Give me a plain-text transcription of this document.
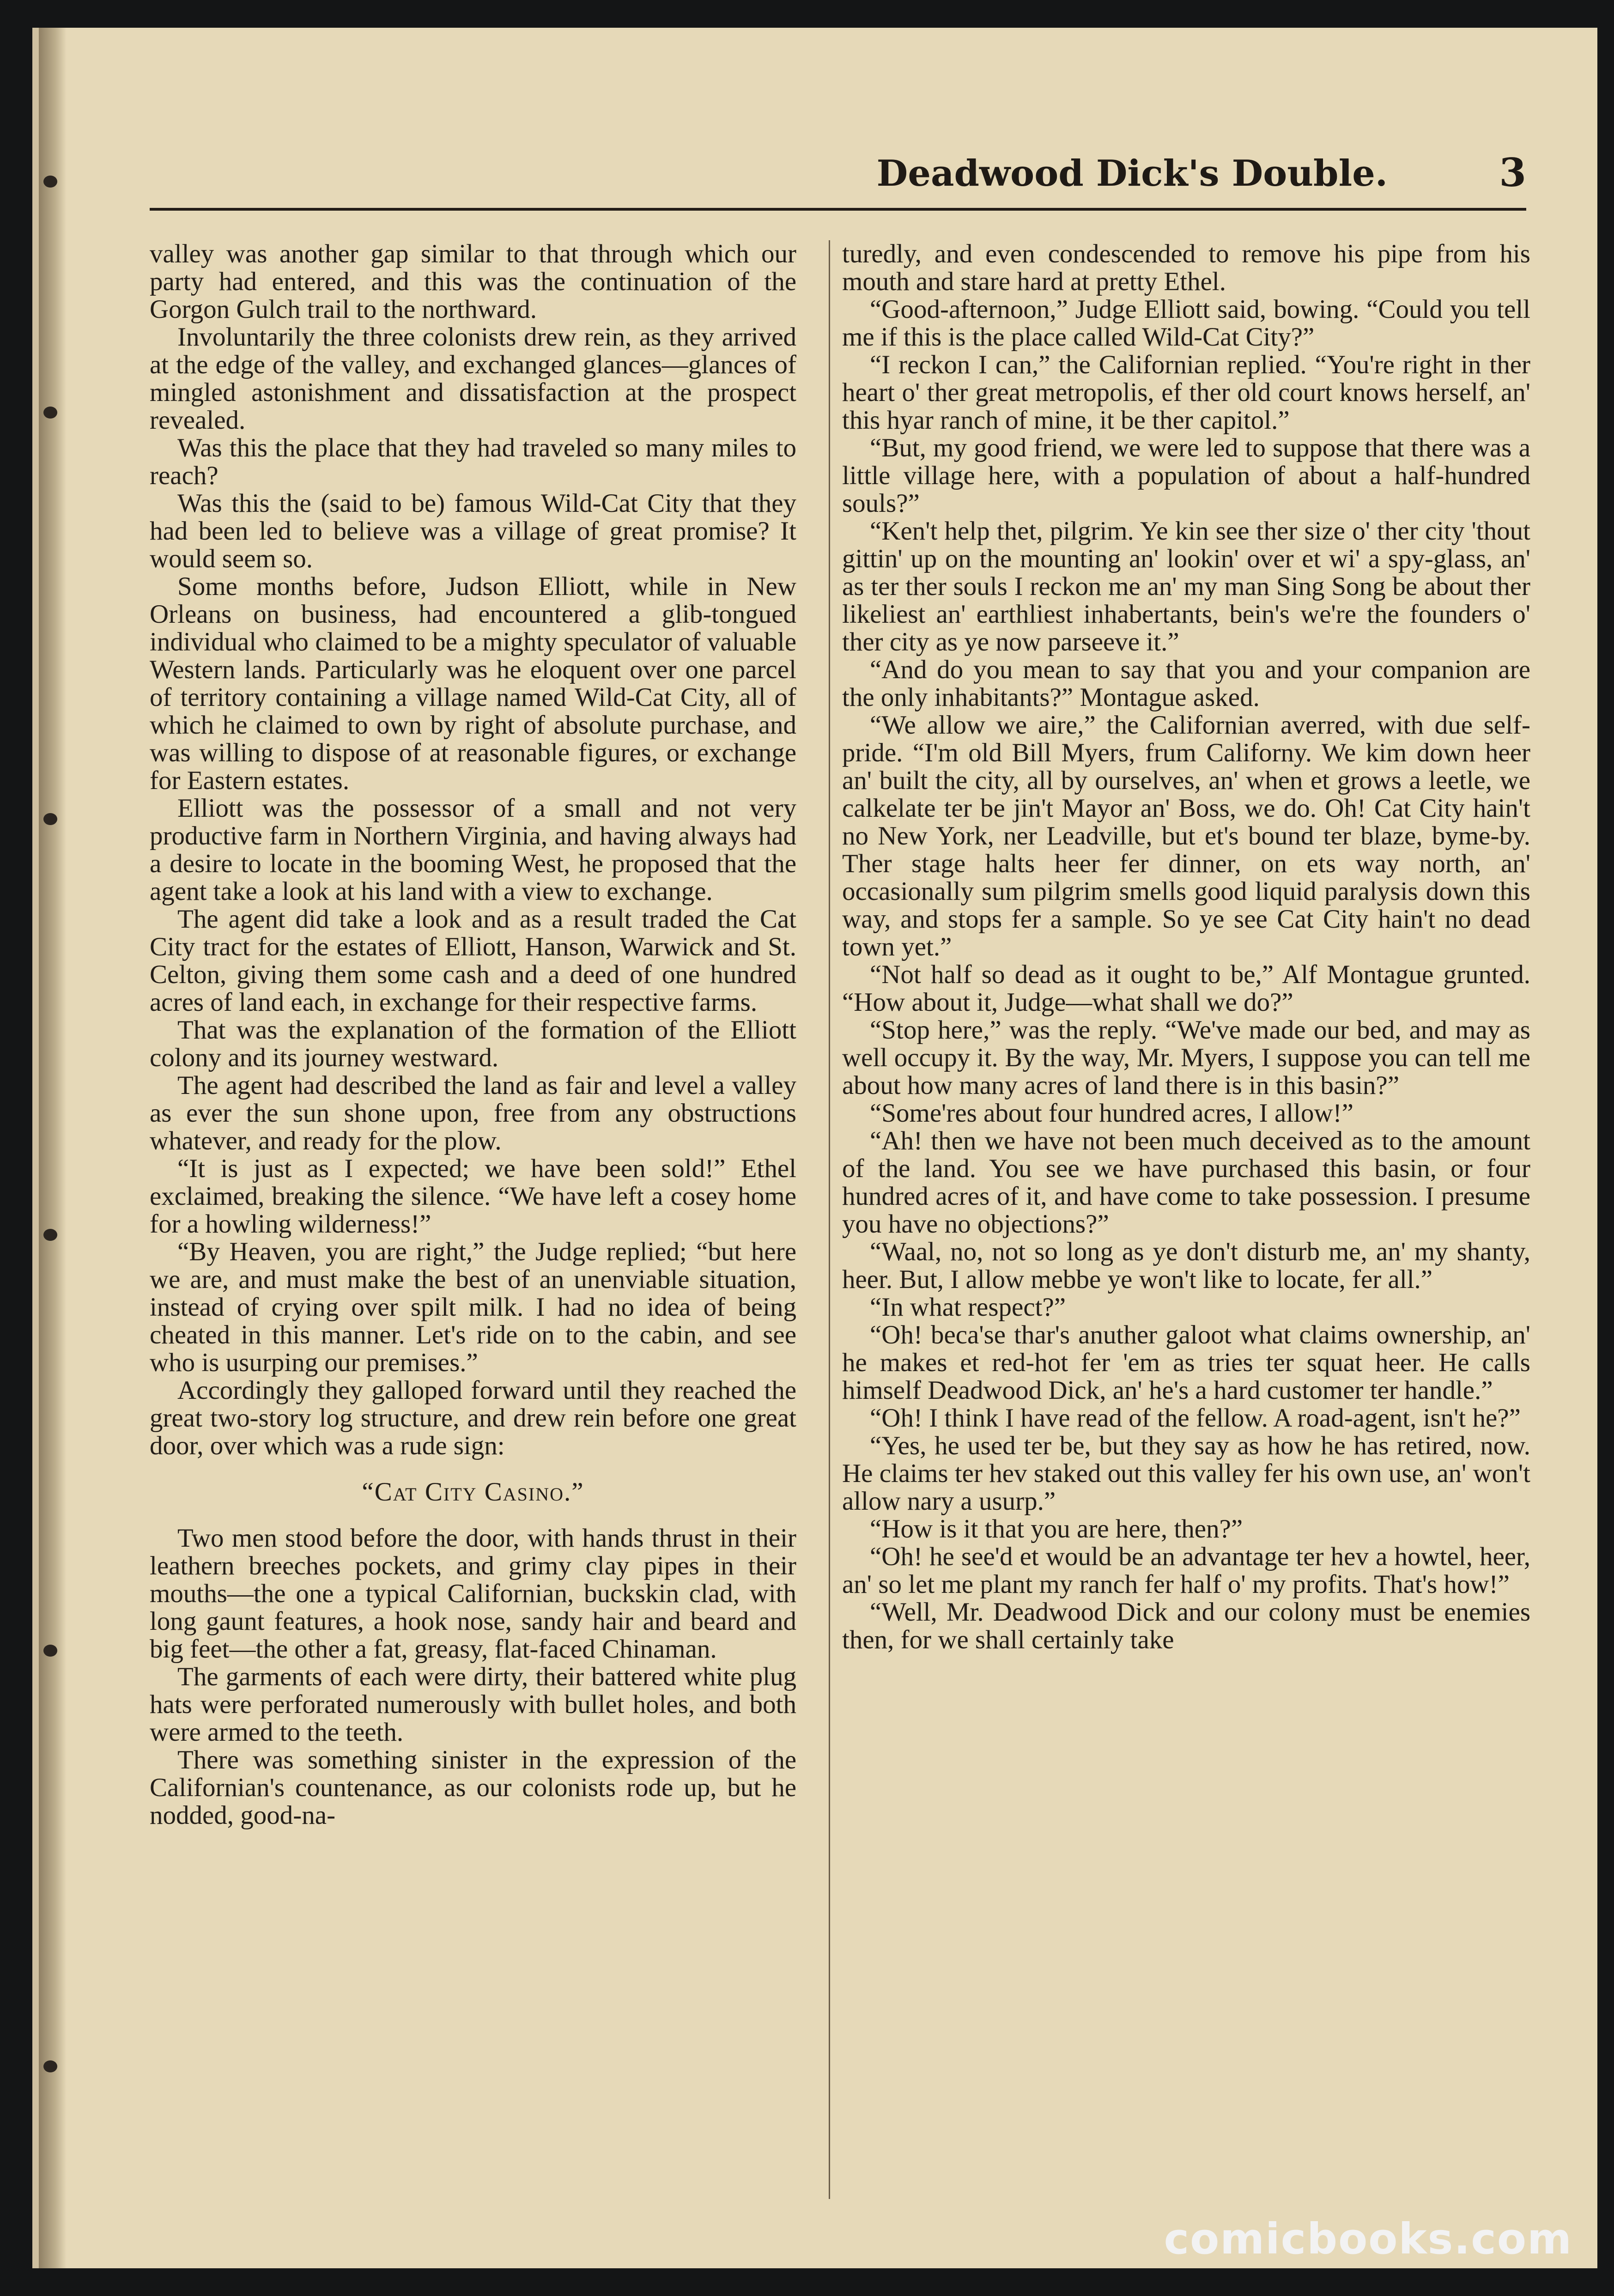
Deadwood Dick's Double.	3

valley was another gap similar to that through which our party had entered, and this was the continuation of the Gorgon Gulch trail to the northward.

Involuntarily the three colonists drew rein, as they arrived at the edge of the valley, and exchanged glances—glances of mingled astonishment and dissatisfaction at the prospect revealed.

Was this the place that they had traveled so many miles to reach?

Was this the (said to be) famous Wild-Cat City that they had been led to believe was a village of great promise? It would seem so.

Some months before, Judson Elliott, while in New Orleans on business, had encountered a glib-tongued individual who claimed to be a mighty speculator of valuable Western lands. Particularly was he eloquent over one parcel of territory containing a village named Wild-Cat City, all of which he claimed to own by right of absolute purchase, and was willing to dispose of at reasonable figures, or exchange for Eastern estates.

Elliott was the possessor of a small and not very productive farm in Northern Virginia, and having always had a desire to locate in the booming West, he proposed that the agent take a look at his land with a view to exchange.

The agent did take a look and as a result traded the Cat City tract for the estates of Elliott, Hanson, Warwick and St. Celton, giving them some cash and a deed of one hundred acres of land each, in exchange for their respective farms.

That was the explanation of the formation of the Elliott colony and its journey westward.

The agent had described the land as fair and level a valley as ever the sun shone upon, free from any obstructions whatever, and ready for the plow.

“It is just as I expected; we have been sold!” Ethel exclaimed, breaking the silence. “We have left a cosey home for a howling wilderness!”

“By Heaven, you are right,” the Judge replied; “but here we are, and must make the best of an unenviable situation, instead of crying over spilt milk. I had no idea of being cheated in this manner. Let's ride on to the cabin, and see who is usurping our premises.”

Accordingly they galloped forward until they reached the great two-story log structure, and drew rein before one great door, over which was a rude sign:

“Cat City Casino.”

Two men stood before the door, with hands thrust in their leathern breeches pockets, and grimy clay pipes in their mouths—the one a typical Californian, buckskin clad, with long gaunt features, a hook nose, sandy hair and beard and big feet—the other a fat, greasy, flat-faced Chinaman.

The garments of each were dirty, their battered white plug hats were perforated numerously with bullet holes, and both were armed to the teeth.

There was something sinister in the expression of the Californian's countenance, as our colonists rode up, but he nodded, good-na-

turedly, and even condescended to remove his pipe from his mouth and stare hard at pretty Ethel.

“Good-afternoon,” Judge Elliott said, bowing. “Could you tell me if this is the place called Wild-Cat City?”

“I reckon I can,” the Californian replied. “You're right in ther heart o' ther great metropolis, ef ther old court knows herself, an' this hyar ranch of mine, it be ther capitol.”

“But, my good friend, we were led to suppose that there was a little village here, with a population of about a half-hundred souls?”

“Ken't help thet, pilgrim. Ye kin see ther size o' ther city 'thout gittin' up on the mounting an' lookin' over et wi' a spy-glass, an' as ter ther souls I reckon me an' my man Sing Song be about ther likeliest an' earthliest inhabertants, bein's we're the founders o' ther city as ye now parseeve it.”

“And do you mean to say that you and your companion are the only inhabitants?” Montague asked.

“We allow we aire,” the Californian averred, with due self-pride. “I'm old Bill Myers, frum Californy. We kim down heer an' built the city, all by ourselves, an' when et grows a leetle, we calkelate ter be jin't Mayor an' Boss, we do. Oh! Cat City hain't no New York, ner Leadville, but et's bound ter blaze, byme-by. Ther stage halts heer fer dinner, on ets way north, an' occasionally sum pilgrim smells good liquid paralysis down this way, and stops fer a sample. So ye see Cat City hain't no dead town yet.”

“Not half so dead as it ought to be,” Alf Montague grunted. “How about it, Judge—what shall we do?”

“Stop here,” was the reply. “We've made our bed, and may as well occupy it. By the way, Mr. Myers, I suppose you can tell me about how many acres of land there is in this basin?”

“Some'res about four hundred acres, I allow!”

“Ah! then we have not been much deceived as to the amount of the land. You see we have purchased this basin, or four hundred acres of it, and have come to take possession. I presume you have no objections?”

“Waal, no, not so long as ye don't disturb me, an' my shanty, heer. But, I allow mebbe ye won't like to locate, fer all.”

“In what respect?”

“Oh! beca'se thar's anuther galoot what claims ownership, an' he makes et red-hot fer 'em as tries ter squat heer. He calls himself Deadwood Dick, an' he's a hard customer ter handle.”

“Oh! I think I have read of the fellow. A road-agent, isn't he?”

“Yes, he used ter be, but they say as how he has retired, now. He claims ter hev staked out this valley fer his own use, an' won't allow nary a usurp.”

“How is it that you are here, then?”

“Oh! he see'd et would be an advantage ter hev a howtel, heer, an' so let me plant my ranch fer half o' my profits. That's how!”

“Well, Mr. Deadwood Dick and our colony must be enemies then, for we shall certainly take

comicbooks.com
